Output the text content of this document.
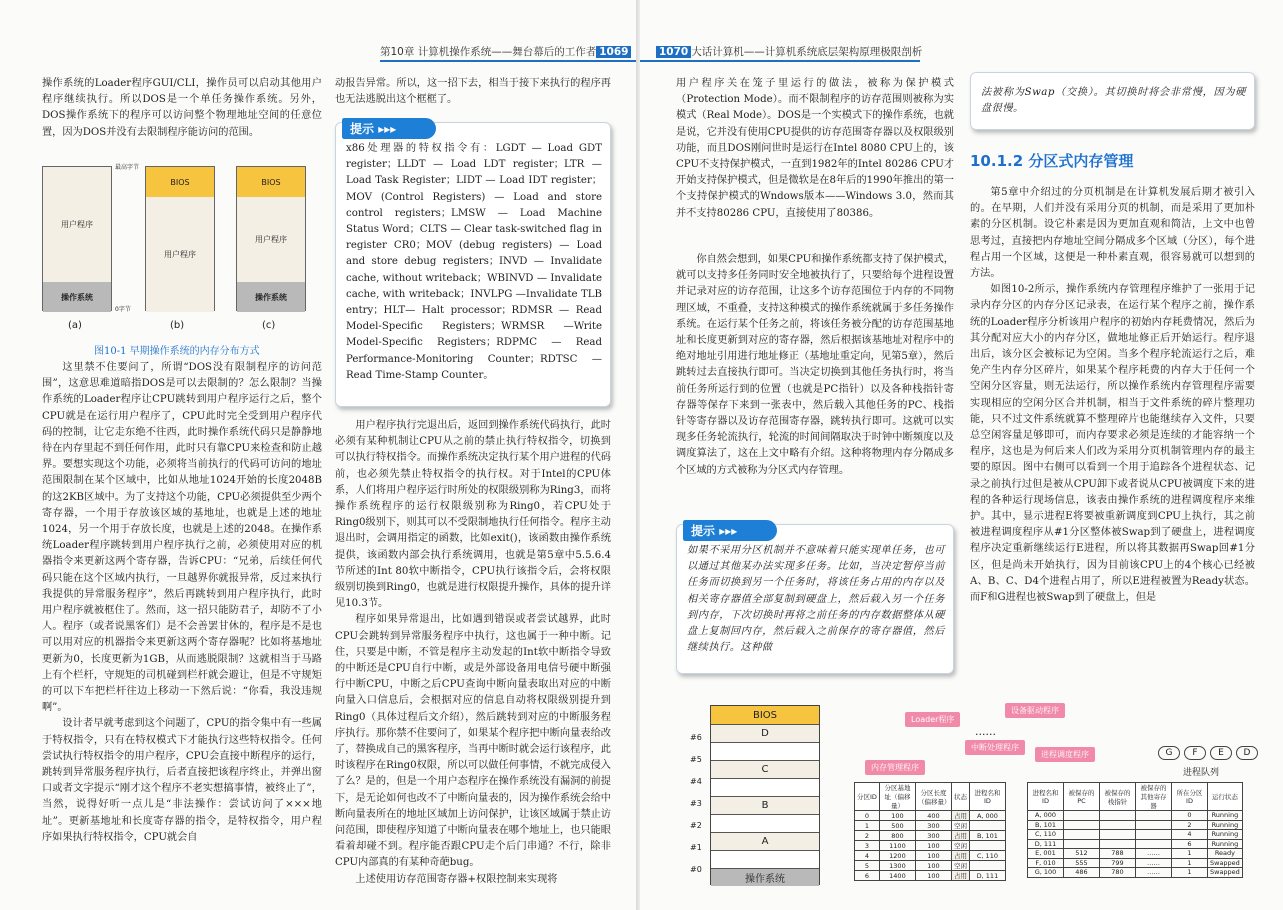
第10章 计算机操作系统——舞台幕后的工作者 1069

操作系统的Loader程序GUI/CLI，操作员可以启动其他用户程序继续执行。所以DOS是一个单任务操作系统。另外，DOS操作系统下的程序可以访问整个物理地址空间的任意位置，因为DOS并没有去限制程序能访问的范围。

用户程序
操作系统
最高字节
0字节
BIOS
用户程序
BIOS
用户程序
操作系统
(a)	(b)	(c)
图10-1 早期操作系统的内存分布方式

这里禁不住要问了，所谓“DOS没有限制程序的访问范围”，这意思难道暗指DOS是可以去限制的？怎么限制？当操作系统的Loader程序让CPU跳转到用户程序运行之后，整个CPU就是在运行用户程序了，CPU此时完全受到用户程序代码的控制，让它走东绝不往西，此时操作系统代码只是静静地待在内存里起不到任何作用，此时只有靠CPU来检查和防止越界。要想实现这个功能，必须将当前执行的代码可访问的地址范围限制在某个区域中，比如从地址1024开始的长度2048B的这2KB区域中。为了支持这个功能，CPU必须提供至少两个寄存器，一个用于存放该区域的基地址，也就是上述的地址1024，另一个用于存放长度，也就是上述的2048。在操作系统Loader程序跳转到用户程序执行之前，必须使用对应的机器指令来更新这两个寄存器，告诉CPU：“兄弟，后续任何代码只能在这个区域内执行，一旦越界你就报异常，反过来执行我提供的异常服务程序”，然后再跳转到用户程序执行，此时用户程序就被框住了。然而，这一招只能防君子，却防不了小人。程序（或者说黑客们）是不会善罢甘休的，程序是不是也可以用对应的机器指令来更新这两个寄存器呢？比如将基地址更新为0，长度更新为1GB，从而逃脱限制？这就相当于马路上有个栏杆，守规矩的司机碰到栏杆就会避让，但是不守规矩的可以下车把栏杆往边上移动一下然后说：“你看，我没违规啊”。

设计者早就考虑到这个问题了，CPU的指令集中有一些属于特权指令，只有在特权模式下才能执行这些特权指令。任何尝试执行特权指令的用户程序，CPU会直接中断程序的运行，跳转到异常服务程序执行，后者直接把该程序终止，并弹出窗口或者文字提示“刚才这个程序不老实想搞事情，被终止了”，当然，说得好听一点儿是“非法操作：尝试访问了×××地址”。更新基地址和长度寄存器的指令，是特权指令，用户程序如果执行特权指令，CPU就会自

动报告异常。所以，这一招下去，相当于接下来执行的程序再也无法逃脱出这个框框了。

提示 ▸▸▸
x86处理器的特权指令有：LGDT — Load GDT register；LLDT — Load LDT register；LTR — Load Task Register；LIDT — Load IDT register；MOV (Control Registers) — Load and store control registers；LMSW — Load Machine Status Word；CLTS — Clear task-switched flag in register CR0；MOV (debug registers) — Load and store debug registers；INVD — Invalidate cache, without writeback；WBINVD — Invalidate cache, with writeback；INVLPG —Invalidate TLB entry；HLT— Halt processor；RDMSR — Read Model-Specific Registers；WRMSR —Write Model-Specific Registers；RDPMC — Read Performance-Monitoring Counter；RDTSC — Read Time-Stamp Counter。

用户程序执行完退出后，返回到操作系统代码执行，此时必须有某种机制让CPU从之前的禁止执行特权指令，切换到可以执行特权指令。而操作系统决定执行某个用户进程的代码前，也必须先禁止特权指令的执行权。对于Intel的CPU体系，人们将用户程序运行时所处的权限级别称为Ring3，而将操作系统程序的运行权限级别称为Ring0，若CPU处于Ring0级别下，则其可以不受限制地执行任何指令。程序主动退出时，会调用指定的函数，比如exit()，该函数由操作系统提供，该函数内部会执行系统调用，也就是第5章中5.5.6.4节所述的Int 80软中断指令，CPU执行该指令后，会将权限级别切换到Ring0，也就是进行权限提升操作，具体的提升详见10.3节。

程序如果异常退出，比如遇到错误或者尝试越界，此时CPU会跳转到异常服务程序中执行，这也属于一种中断。记住，只要是中断，不管是程序主动发起的Int软中断指令导致的中断还是CPU自行中断，或是外部设备用电信号硬中断强行中断CPU，中断之后CPU查询中断向量表取出对应的中断向量入口信息后，会根据对应的信息自动将权限级别提升到Ring0（具体过程后文介绍），然后跳转到对应的中断服务程序执行。那你禁不住要问了，如果某个程序把中断向量表给改了，替换成自己的黑客程序，当再中断时就会运行该程序，此时该程序在Ring0权限，所以可以做任何事情，不就完成侵入了么？是的，但是一个用户态程序在操作系统没有漏洞的前提下，是无论如何也改不了中断向量表的，因为操作系统会给中断向量表所在的地址区域加上访问保护，让该区域属于禁止访问范围，即使程序知道了中断向量表在哪个地址上，也只能眼看着却碰不到。程序能否跟CPU走个后门串通？不行，除非CPU内部真的有某种奇葩bug。

上述使用访存范围寄存器+权限控制来实现将

1070 大话计算机——计算机系统底层架构原理极限剖析

用户程序关在笼子里运行的做法，被称为保护模式（Protection Mode）。而不限制程序的访存范围则被称为实模式（Real Mode）。DOS是一个实模式下的操作系统，也就是说，它并没有使用CPU提供的访存范围寄存器以及权限级别功能，而且DOS刚问世时是运行在Intel 8080 CPU上的，该CPU不支持保护模式，一直到1982年的Intel 80286 CPU才开始支持保护模式，但是微软是在8年后的1990年推出的第一个支持保护模式的Wndows版本——Windows 3.0，然而其并不支持80286 CPU，直接使用了80386。

你自然会想到，如果CPU和操作系统都支持了保护模式，就可以支持多任务同时安全地被执行了，只要给每个进程设置并记录对应的访存范围，让这多个访存范围位于内存的不同物理区域，不重叠，支持这种模式的操作系统就属于多任务操作系统。在运行某个任务之前，将该任务被分配的访存范围基地址和长度更新到对应的寄存器，然后根据该基地址对程序中的绝对地址引用进行地址修正（基地址重定向，见第5章），然后跳转过去直接执行即可。当决定切换到其他任务执行时，将当前任务所运行到的位置（也就是PC指针）以及各种栈指针寄存器等保存下来到一张表中，然后载入其他任务的PC、栈指针等寄存器以及访存范围寄存器，跳转执行即可。这就可以实现多任务轮流执行，轮流的时间间隔取决于时钟中断频度以及调度算法了，这在上文中略有介绍。这种将物理内存分隔成多个区域的方式被称为分区式内存管理。

提示 ▸▸▸
如果不采用分区机制并不意味着只能实现单任务，也可以通过其他某办法实现多任务。比如，当决定暂停当前任务而切换到另一个任务时，将该任务占用的内存以及相关寄存器值全部复制到硬盘上，然后载入另一个任务到内存，下次切换时再将之前任务的内存数据整体从硬盘上复制回内存，然后载入之前保存的寄存器值，然后继续执行。这种做
法被称为Swap（交换）。其切换时将会非常慢，因为硬盘很慢。
10.1.2 分区式内存管理

第5章中介绍过的分页机制是在计算机发展后期才被引入的。在早期，人们并没有采用分页的机制，而是采用了更加朴素的分区机制。设它朴素是因为更加直观和简洁，上文中也曾思考过，直接把内存地址空间分隔成多个区域（分区），每个进程占用一个区域，这便是一种朴素直观，很容易就可以想到的方法。

如图10-2所示，操作系统内存管理程序维护了一张用于记录内存分区的内存分区记录表，在运行某个程序之前，操作系统的Loader程序分析该用户程序的初始内存耗费情况，然后为其分配对应大小的内存分区，做地址修正后开始运行。程序退出后，该分区会被标记为空闲。当多个程序轮流运行之后，难免产生内存分区碎片，如果某个程序耗费的内存大于任何一个空闲分区容量，则无法运行，所以操作系统内存管理程序需要实现相应的空闲分区合并机制，相当于文件系统的碎片整理功能，只不过文件系统就算不整理碎片也能继续存入文件，只要总空闲容量足够即可，而内存要求必须是连续的才能容纳一个程序，这也是为何后来人们改为采用分页机制管理内存的最主要的原因。图中右侧可以看到一个用于追踪各个进程状态、记录之前执行过但是被从CPU卸下或者说从CPU被调度下来的进程的各种运行现场信息，该表由操作系统的进程调度程序来维护。其中，显示进程E将要被重新调度到CPU上执行，其之前被进程调度程序从#1分区整体被Swap到了硬盘上，进程调度程序决定重新继续运行E进程，所以将其数据再Swap回#1分区，但是尚未开始执行，因为目前该CPU上的4个核心已经被A、B、C、D4个进程占用了，所以E进程被置为Ready状态。而F和G进程也被Swap到了硬盘上，但是

BIOS
D
C
B
A
操作系统
#6
#5
#4
#3
#2
#1
#0
Loader程序
设备驱动程序
中断处理程序
进程调度程序
内存管理程序
......
G	F	E	D
进程队列
分区ID	分区基地址（偏移量）	分区长度（偏移量）	状态	进程名和ID
0	100	400	占用	A, 000
1	500	300	空闲	
2	800	300	占用	B, 101
3	1100	100	空闲	
4	1200	100	占用	C, 110
5	1300	100	空闲	
6	1400	100	占用	D, 111
进程名和ID	被保存的PC	被保存的栈指针	被保存的其他寄存器	所在分区ID	运行状态
A, 000				0	Running
B, 101				2	Running
C, 110				4	Running
D, 111				6	Running
E, 001	512	788	……	1	Ready
F, 010	555	799	……	1	Swapped
G, 100	486	780	……	1	Swapped
